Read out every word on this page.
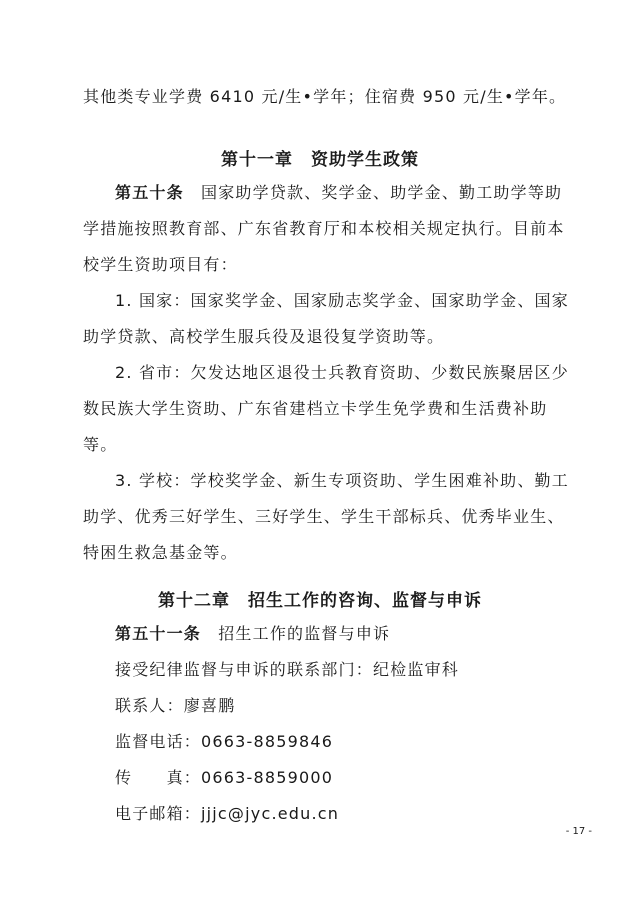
其他类专业学费 6410 元/生•学年；住宿费 950 元/生•学年。

第十一章　资助学生政策

第五十条　国家助学贷款、奖学金、助学金、勤工助学等助

学措施按照教育部、广东省教育厅和本校相关规定执行。目前本

校学生资助项目有：

1. 国家：国家奖学金、国家励志奖学金、国家助学金、国家

助学贷款、高校学生服兵役及退役复学资助等。

2. 省市：欠发达地区退役士兵教育资助、少数民族聚居区少

数民族大学生资助、广东省建档立卡学生免学费和生活费补助

等。

3. 学校：学校奖学金、新生专项资助、学生困难补助、勤工

助学、优秀三好学生、三好学生、学生干部标兵、优秀毕业生、

特困生救急基金等。

第十二章　招生工作的咨询、监督与申诉

第五十一条　招生工作的监督与申诉

接受纪律监督与申诉的联系部门：纪检监审科

联系人：廖喜鹏

监督电话：0663-8859846

传　　真：0663-8859000

电子邮箱：jjjc@jyc.edu.cn

- 17 -
